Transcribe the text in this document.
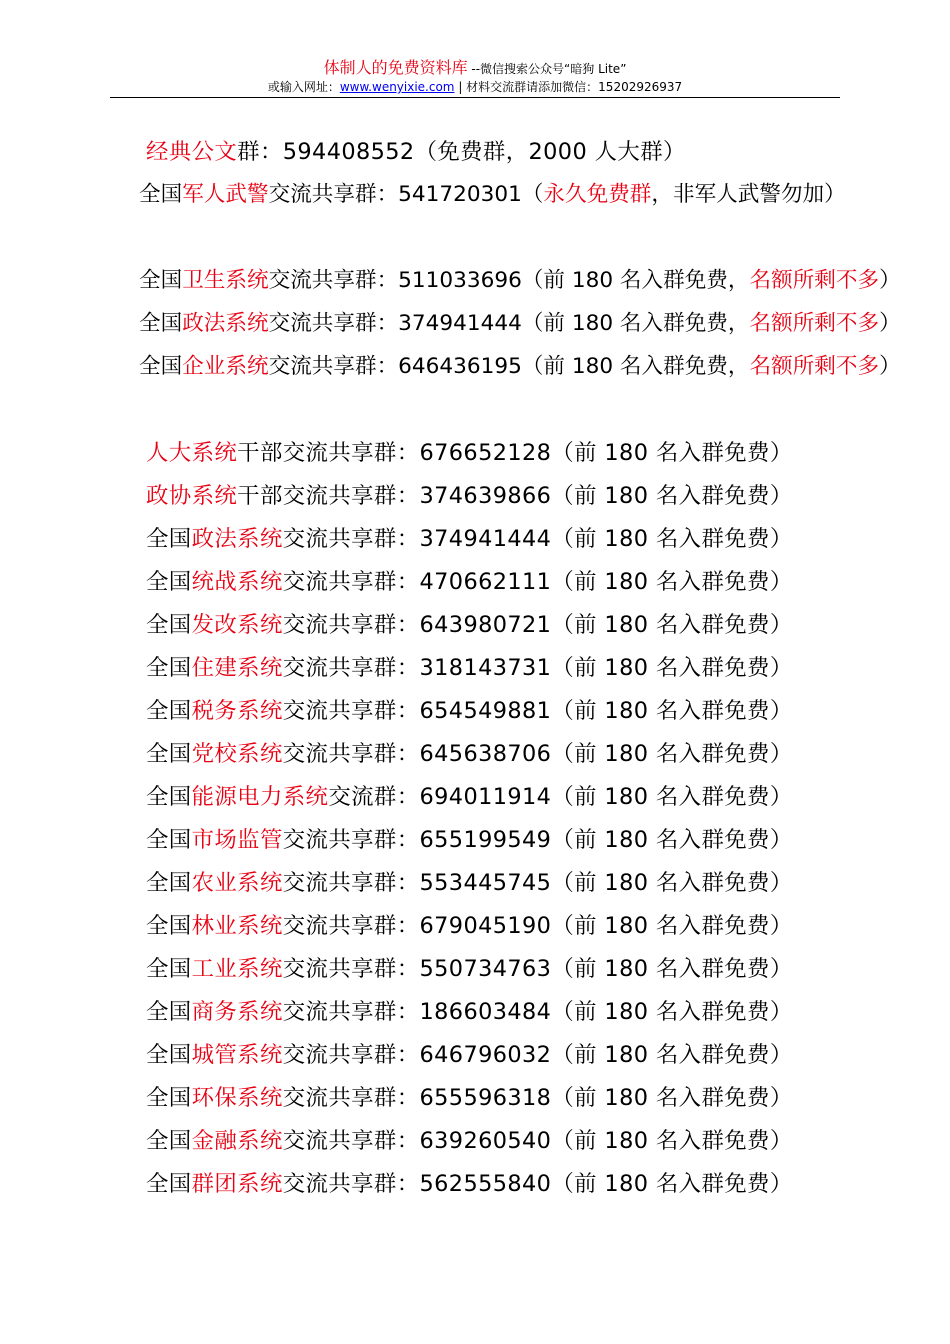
体制人的免费资料库 --微信搜索公众号“暗狗 Lite”
或输入网址：www.wenyixie.com | 材料交流群请添加微信：15202926937
经典公文群：594408552（免费群，2000 人大群）
全国军人武警交流共享群：541720301（永久免费群，非军人武警勿加）
全国卫生系统交流共享群：511033696（前 180 名入群免费，名额所剩不多）
全国政法系统交流共享群：374941444（前 180 名入群免费，名额所剩不多）
全国企业系统交流共享群：646436195（前 180 名入群免费，名额所剩不多）
人大系统干部交流共享群：676652128（前 180 名入群免费）
政协系统干部交流共享群：374639866（前 180 名入群免费）
全国政法系统交流共享群：374941444（前 180 名入群免费）
全国统战系统交流共享群：470662111（前 180 名入群免费）
全国发改系统交流共享群：643980721（前 180 名入群免费）
全国住建系统交流共享群：318143731（前 180 名入群免费）
全国税务系统交流共享群：654549881（前 180 名入群免费）
全国党校系统交流共享群：645638706（前 180 名入群免费）
全国能源电力系统交流群：694011914（前 180 名入群免费）
全国市场监管交流共享群：655199549（前 180 名入群免费）
全国农业系统交流共享群：553445745（前 180 名入群免费）
全国林业系统交流共享群：679045190（前 180 名入群免费）
全国工业系统交流共享群：550734763（前 180 名入群免费）
全国商务系统交流共享群：186603484（前 180 名入群免费）
全国城管系统交流共享群：646796032（前 180 名入群免费）
全国环保系统交流共享群：655596318（前 180 名入群免费）
全国金融系统交流共享群：639260540（前 180 名入群免费）
全国群团系统交流共享群：562555840（前 180 名入群免费）
